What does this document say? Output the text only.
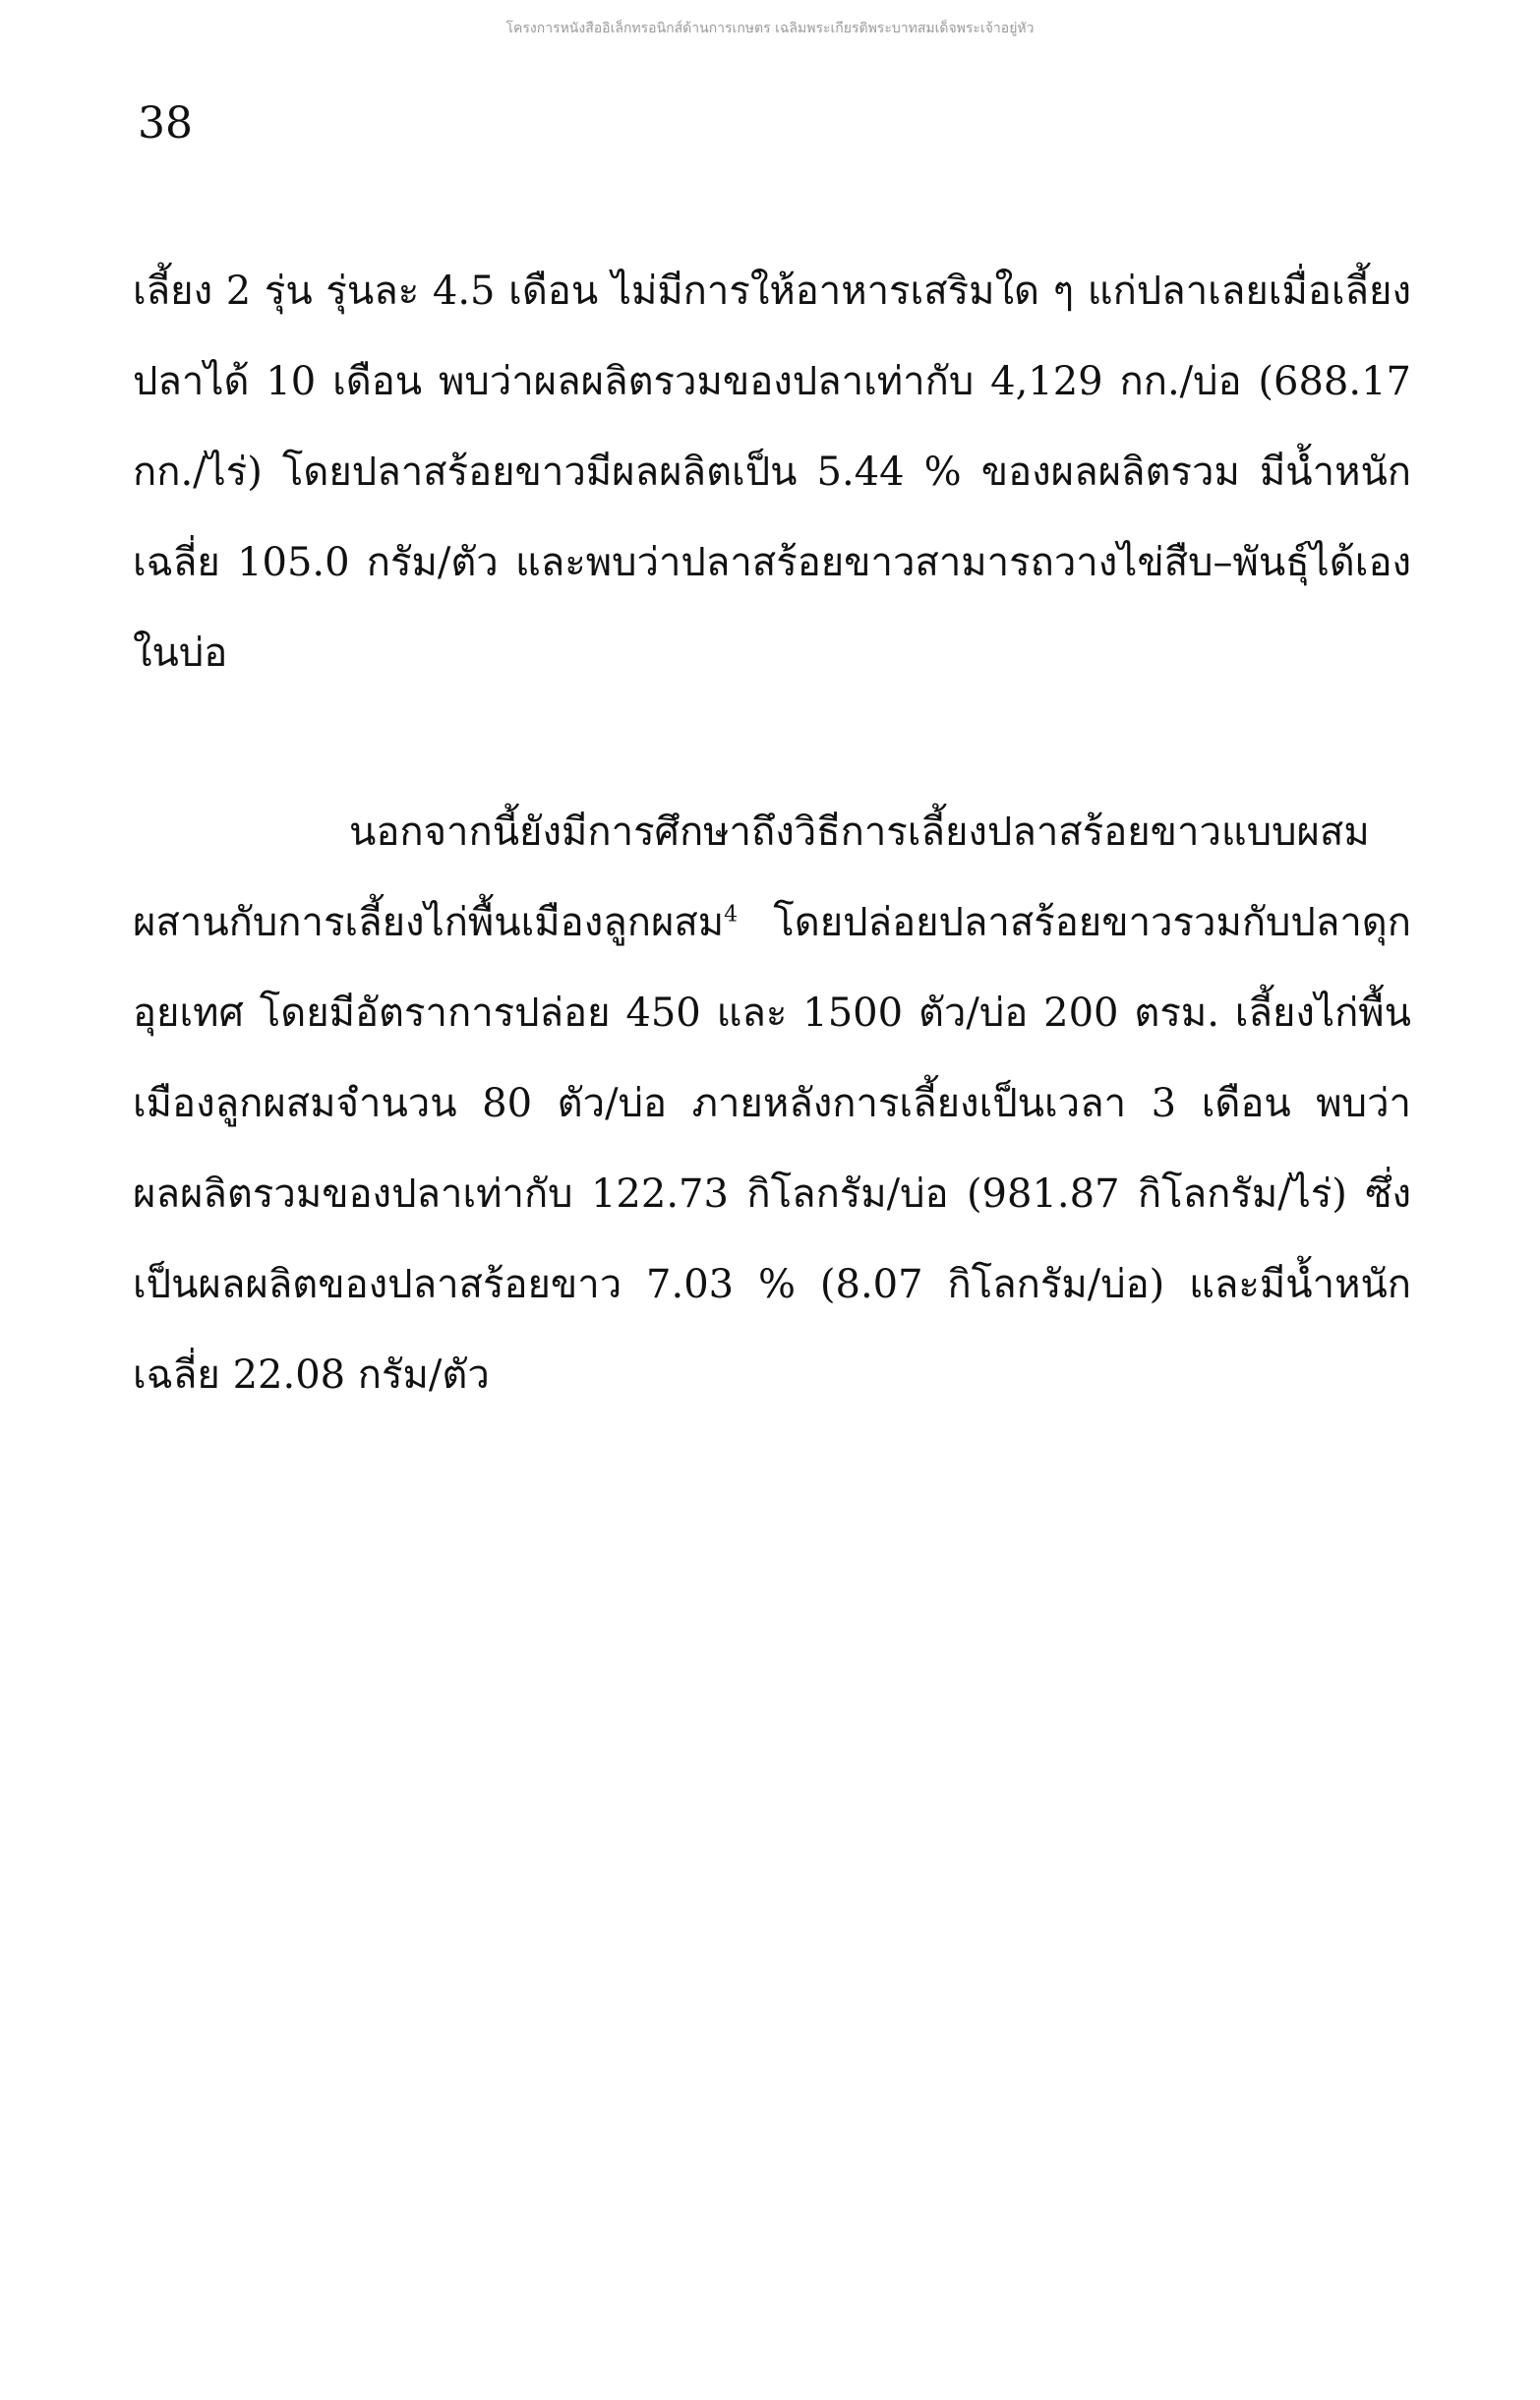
โครงการหนังสืออิเล็กทรอนิกส์ด้านการเกษตร เฉลิมพระเกียรติพระบาทสมเด็จพระเจ้าอยู่หัว
38

เลี้ยง 2 รุ่น รุ่นละ 4.5 เดือน ไม่มีการให้อาหารเสริมใด ๆ แก่ปลาเลยเมื่อเลี้ยงปลาได้ 10 เดือน พบว่าผลผลิตรวมของปลาเท่ากับ 4,129 กก./บ่อ (688.17 กก./ไร่) โดยปลาสร้อยขาวมีผลผลิตเป็น 5.44 % ของผลผลิตรวม มีน้ำหนักเฉลี่ย 105.0 กรัม/ตัว และพบว่าปลาสร้อยขาวสามารถวางไข่สืบ–พันธุ์ได้เองในบ่อ

นอกจากนี้ยังมีการศึกษาถึงวิธีการเลี้ยงปลาสร้อยขาวแบบผสมผสานกับการเลี้ยงไก่พื้นเมืองลูกผสม$^4$ โดยปล่อยปลาสร้อยขาวรวมกับปลาดุกอุยเทศ โดยมีอัตราการปล่อย 450 และ 1500 ตัว/บ่อ 200 ตรม. เลี้ยงไก่พื้นเมืองลูกผสมจำนวน 80 ตัว/บ่อ ภายหลังการเลี้ยงเป็นเวลา 3 เดือน พบว่าผลผลิตรวมของปลาเท่ากับ 122.73 กิโลกรัม/บ่อ (981.87 กิโลกรัม/ไร่) ซึ่งเป็นผลผลิตของปลาสร้อยขาว 7.03 % (8.07 กิโลกรัม/บ่อ) และมีน้ำหนักเฉลี่ย 22.08 กรัม/ตัว
